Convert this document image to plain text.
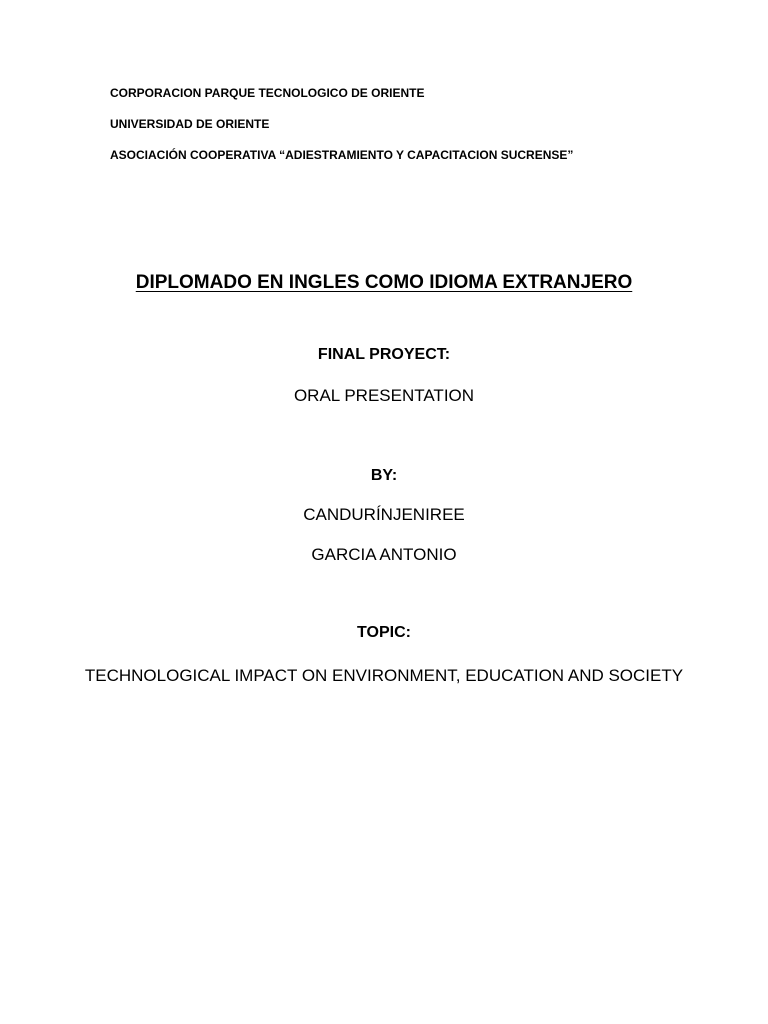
CORPORACION PARQUE TECNOLOGICO DE ORIENTE
UNIVERSIDAD DE ORIENTE
ASOCIACIÓN COOPERATIVA “ADIESTRAMIENTO Y CAPACITACION SUCRENSE”
DIPLOMADO EN INGLES COMO IDIOMA EXTRANJERO
FINAL PROYECT:
ORAL PRESENTATION
BY:
CANDURÍNJENIREE
GARCIA ANTONIO
TOPIC:
TECHNOLOGICAL IMPACT ON ENVIRONMENT, EDUCATION AND SOCIETY
